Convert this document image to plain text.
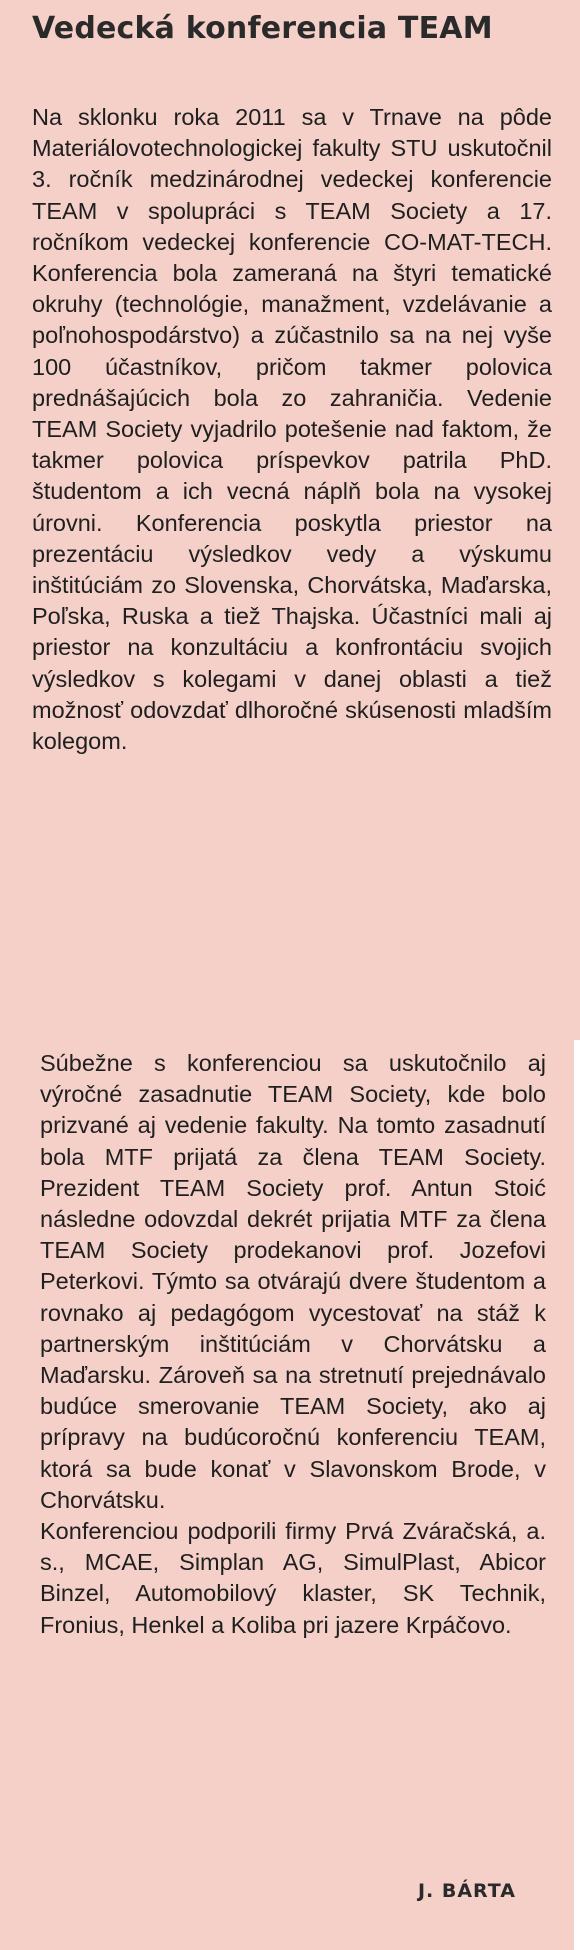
Vedecká konferencia TEAM

Na sklonku roka 2011 sa v Trnave na pôde Materiálovotechnologickej fakulty STU uskutočnil 3. ročník medzinárodnej vedeckej konferencie TEAM v spolupráci s TEAM Society a 17. ročníkom vedeckej konferencie CO-MAT-TECH. Konferencia bola zameraná na štyri tematické okruhy (technológie, manažment, vzdelávanie a poľnohospodárstvo) a zúčastnilo sa na nej vyše 100 účastníkov, pričom takmer polovica prednášajúcich bola zo zahraničia. Vedenie TEAM Society vyjadrilo potešenie nad faktom, že takmer polovica príspevkov patrila PhD. študentom a ich vecná náplň bola na vysokej úrovni. Konferencia poskytla priestor na prezentáciu výsledkov vedy a výskumu inštitúciám zo Slovenska, Chorvátska, Maďarska, Poľska, Ruska a tiež Thajska. Účastníci mali aj priestor na konzultáciu a konfrontáciu svojich výsledkov s kolegami v danej oblasti a tiež možnosť odovzdať dlhoročné skúsenosti mladším kolegom.

Súbežne s konferenciou sa uskutočnilo aj výročné zasadnutie TEAM Society, kde bolo prizvané aj vedenie fakulty. Na tomto zasadnutí bola MTF prijatá za člena TEAM Society. Prezident TEAM Society prof. Antun Stoić následne odovzdal dekrét prijatia MTF za člena TEAM Society prodekanovi prof. Jozefovi Peterkovi. Týmto sa otvárajú dvere študentom a rovnako aj pedagógom vycestovať na stáž k partnerským inštitúciám v Chorvátsku a Maďarsku. Zároveň sa na stretnutí prejednávalo budúce smerovanie TEAM Society, ako aj prípravy na budúcoročnú konferenciu TEAM, ktorá sa bude konať v Slavonskom Brode, v Chorvátsku.

Konferenciou podporili firmy Prvá Zváračská, a. s., MCAE, Simplan AG, SimulPlast, Abicor Binzel, Automobilový klaster, SK Technik, Fronius, Henkel a Koliba pri jazere Krpáčovo.

J. BÁRTA
